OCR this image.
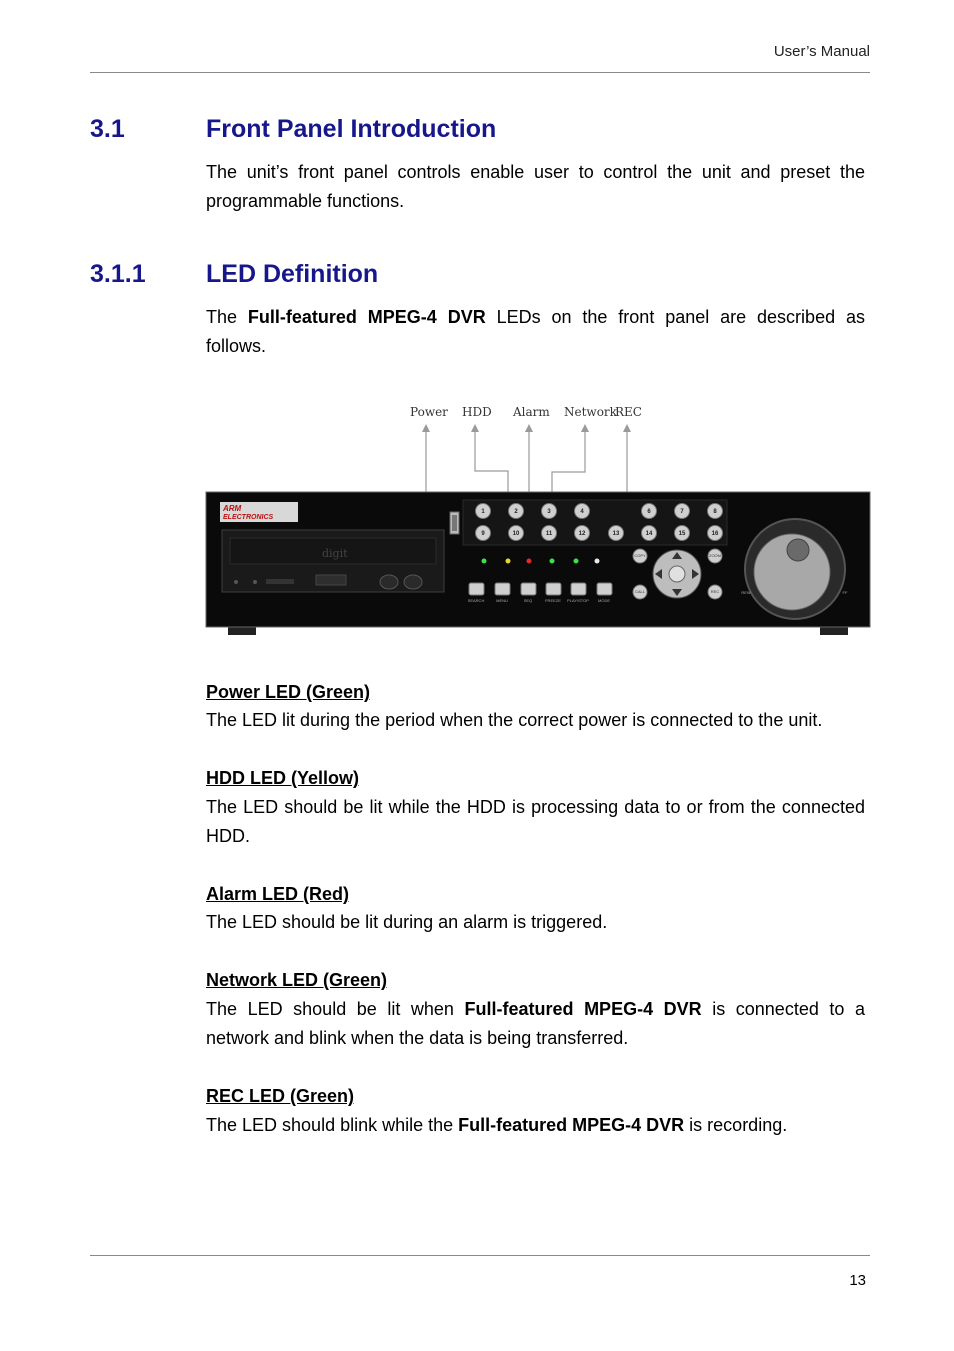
User’s Manual
3.1	Front Panel Introduction

The unit’s front panel controls enable user to control the unit and preset the programmable functions.

3.1.1 LED Definition

The Full-featured MPEG-4 DVR LEDs on the front panel are described as follows.

Power HDD Alarm Network
REC
ARM
ELECTRONICS
digit
1	2	3	4	6	7	8
9	10	11	12	13	14	15	16
SEARCH	MENU	SEQ	FREEZE PLAY/STOP MODE
COPY	ZOOM
CALL	REC	REW	FF
Power LED (Green)

The LED lit during the period when the correct power is connected to the unit.

HDD LED (Yellow)

The LED should be lit while the HDD is processing data to or from the connected HDD.

Alarm LED (Red)

The LED should be lit during an alarm is triggered.

Network LED (Green)

The LED should be lit when Full-featured MPEG-4 DVR is connected to a network and blink when the data is being transferred.

REC LED (Green)

The LED should blink while the Full-featured MPEG-4 DVR is recording.

13
